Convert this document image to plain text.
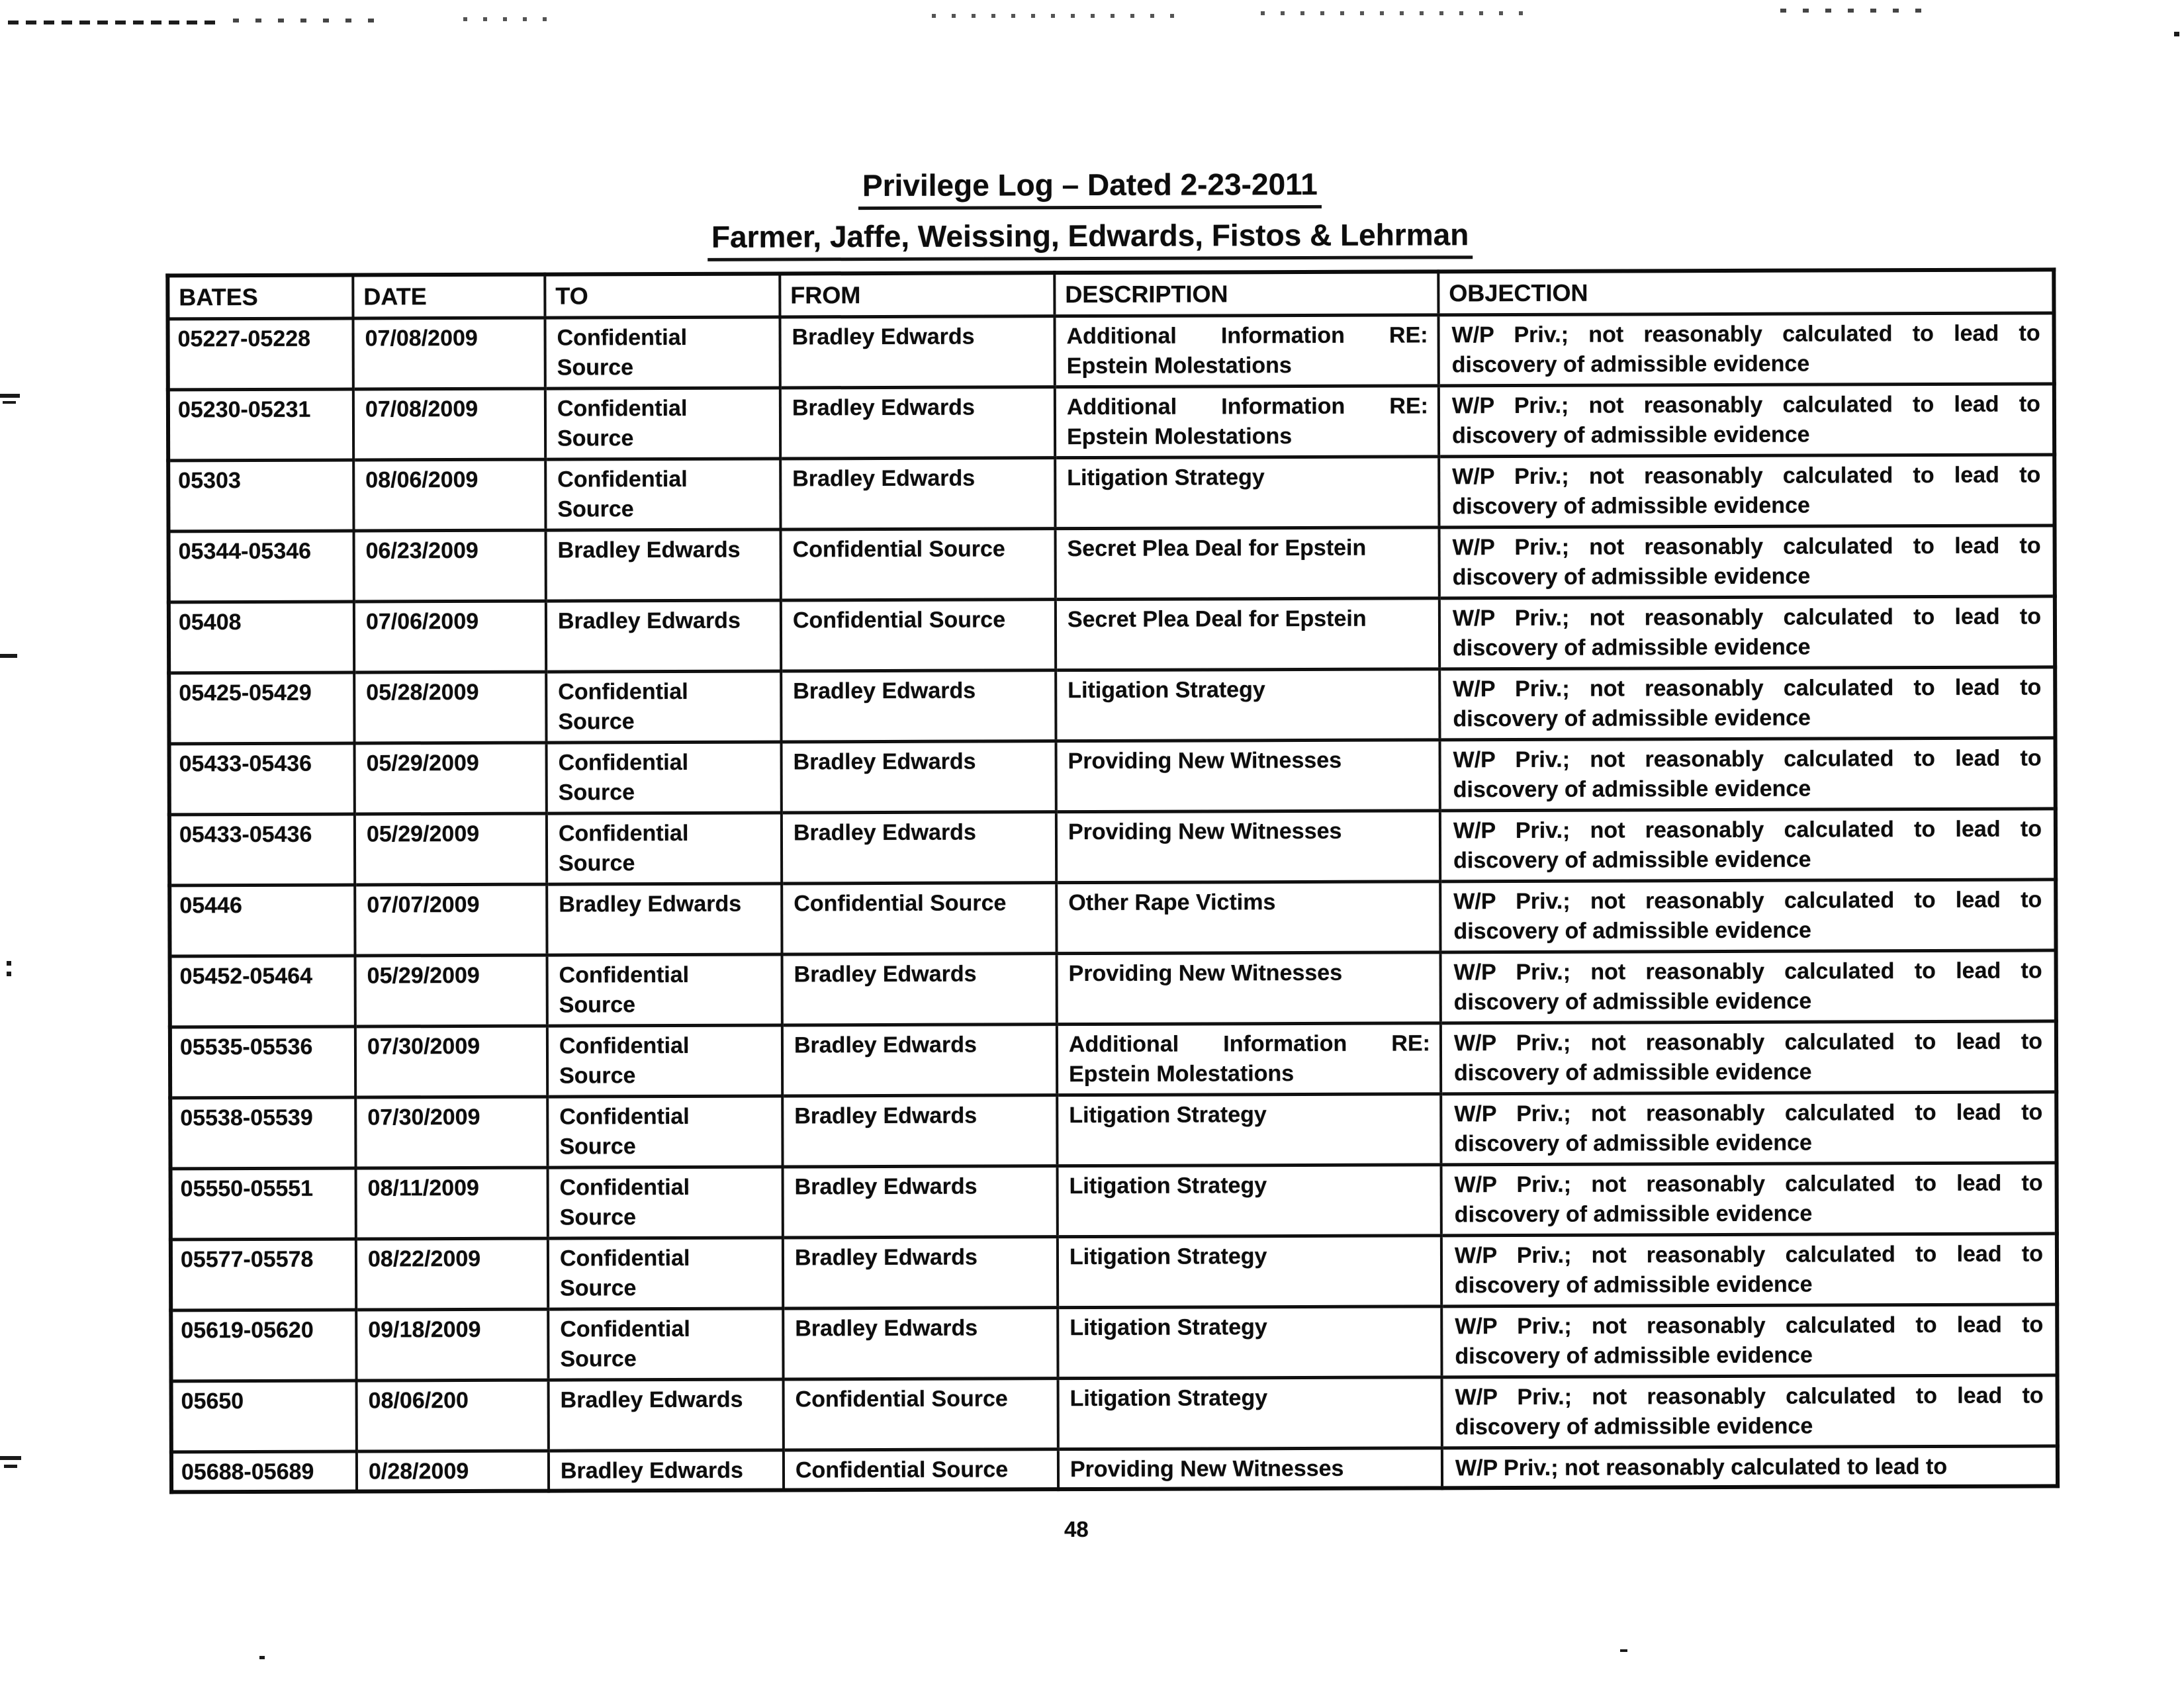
Privilege Log – Dated 2-23-2011
Farmer, Jaffe, Weissing, Edwards, Fistos & Lehrman
BATES	DATE	TO	FROM	DESCRIPTION	OBJECTION
05227-05228	07/08/2009	Confidential Source	Bradley Edwards	Additional Information RE: Epstein Molestations	W/P Priv.; not reasonably calculated to lead to discovery of admissible evidence
05230-05231	07/08/2009	Confidential Source	Bradley Edwards	Additional Information RE: Epstein Molestations	W/P Priv.; not reasonably calculated to lead to discovery of admissible evidence
05303	08/06/2009	Confidential Source	Bradley Edwards	Litigation Strategy	W/P Priv.; not reasonably calculated to lead to discovery of admissible evidence
05344-05346	06/23/2009	Bradley Edwards	Confidential Source	Secret Plea Deal for Epstein	W/P Priv.; not reasonably calculated to lead to discovery of admissible evidence
05408	07/06/2009	Bradley Edwards	Confidential Source	Secret Plea Deal for Epstein	W/P Priv.; not reasonably calculated to lead to discovery of admissible evidence
05425-05429	05/28/2009	Confidential Source	Bradley Edwards	Litigation Strategy	W/P Priv.; not reasonably calculated to lead to discovery of admissible evidence
05433-05436	05/29/2009	Confidential Source	Bradley Edwards	Providing New Witnesses	W/P Priv.; not reasonably calculated to lead to discovery of admissible evidence
05433-05436	05/29/2009	Confidential Source	Bradley Edwards	Providing New Witnesses	W/P Priv.; not reasonably calculated to lead to discovery of admissible evidence
05446	07/07/2009	Bradley Edwards	Confidential Source	Other Rape Victims	W/P Priv.; not reasonably calculated to lead to discovery of admissible evidence
05452-05464	05/29/2009	Confidential Source	Bradley Edwards	Providing New Witnesses	W/P Priv.; not reasonably calculated to lead to discovery of admissible evidence
05535-05536	07/30/2009	Confidential Source	Bradley Edwards	Additional Information RE: Epstein Molestations	W/P Priv.; not reasonably calculated to lead to discovery of admissible evidence
05538-05539	07/30/2009	Confidential Source	Bradley Edwards	Litigation Strategy	W/P Priv.; not reasonably calculated to lead to discovery of admissible evidence
05550-05551	08/11/2009	Confidential Source	Bradley Edwards	Litigation Strategy	W/P Priv.; not reasonably calculated to lead to discovery of admissible evidence
05577-05578	08/22/2009	Confidential Source	Bradley Edwards	Litigation Strategy	W/P Priv.; not reasonably calculated to lead to discovery of admissible evidence
05619-05620	09/18/2009	Confidential Source	Bradley Edwards	Litigation Strategy	W/P Priv.; not reasonably calculated to lead to discovery of admissible evidence
05650	08/06/200	Bradley Edwards	Confidential Source	Litigation Strategy	W/P Priv.; not reasonably calculated to lead to discovery of admissible evidence
05688-05689	0/28/2009	Bradley Edwards	Confidential Source	Providing New Witnesses	W/P Priv.; not reasonably calculated to lead to
48
